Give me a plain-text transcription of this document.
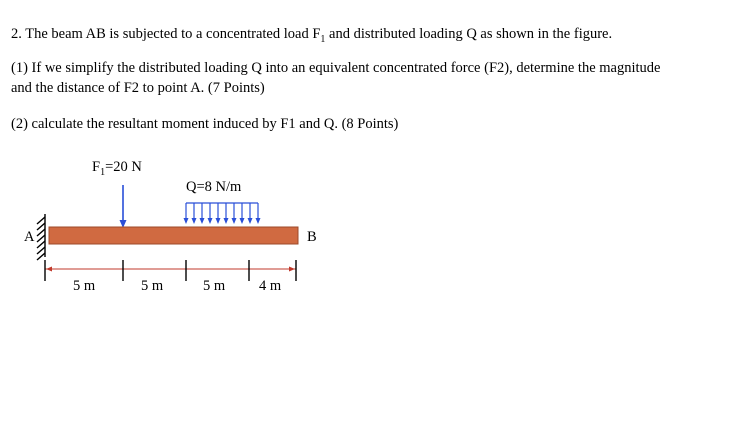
2. The beam AB is subjected to a concentrated load $F_1$ and distributed loading Q as shown in the figure.
(1) If we simplify the distributed loading Q into an equivalent concentrated force (F2), determine the magnitude
and the distance of F2 to point A. (7 Points)
(2) calculate the resultant moment induced by F1 and Q. (8 Points)
$F_1=20$ N
Q=8 N/m
A	B
5 m	5 m	5 m 4 m
